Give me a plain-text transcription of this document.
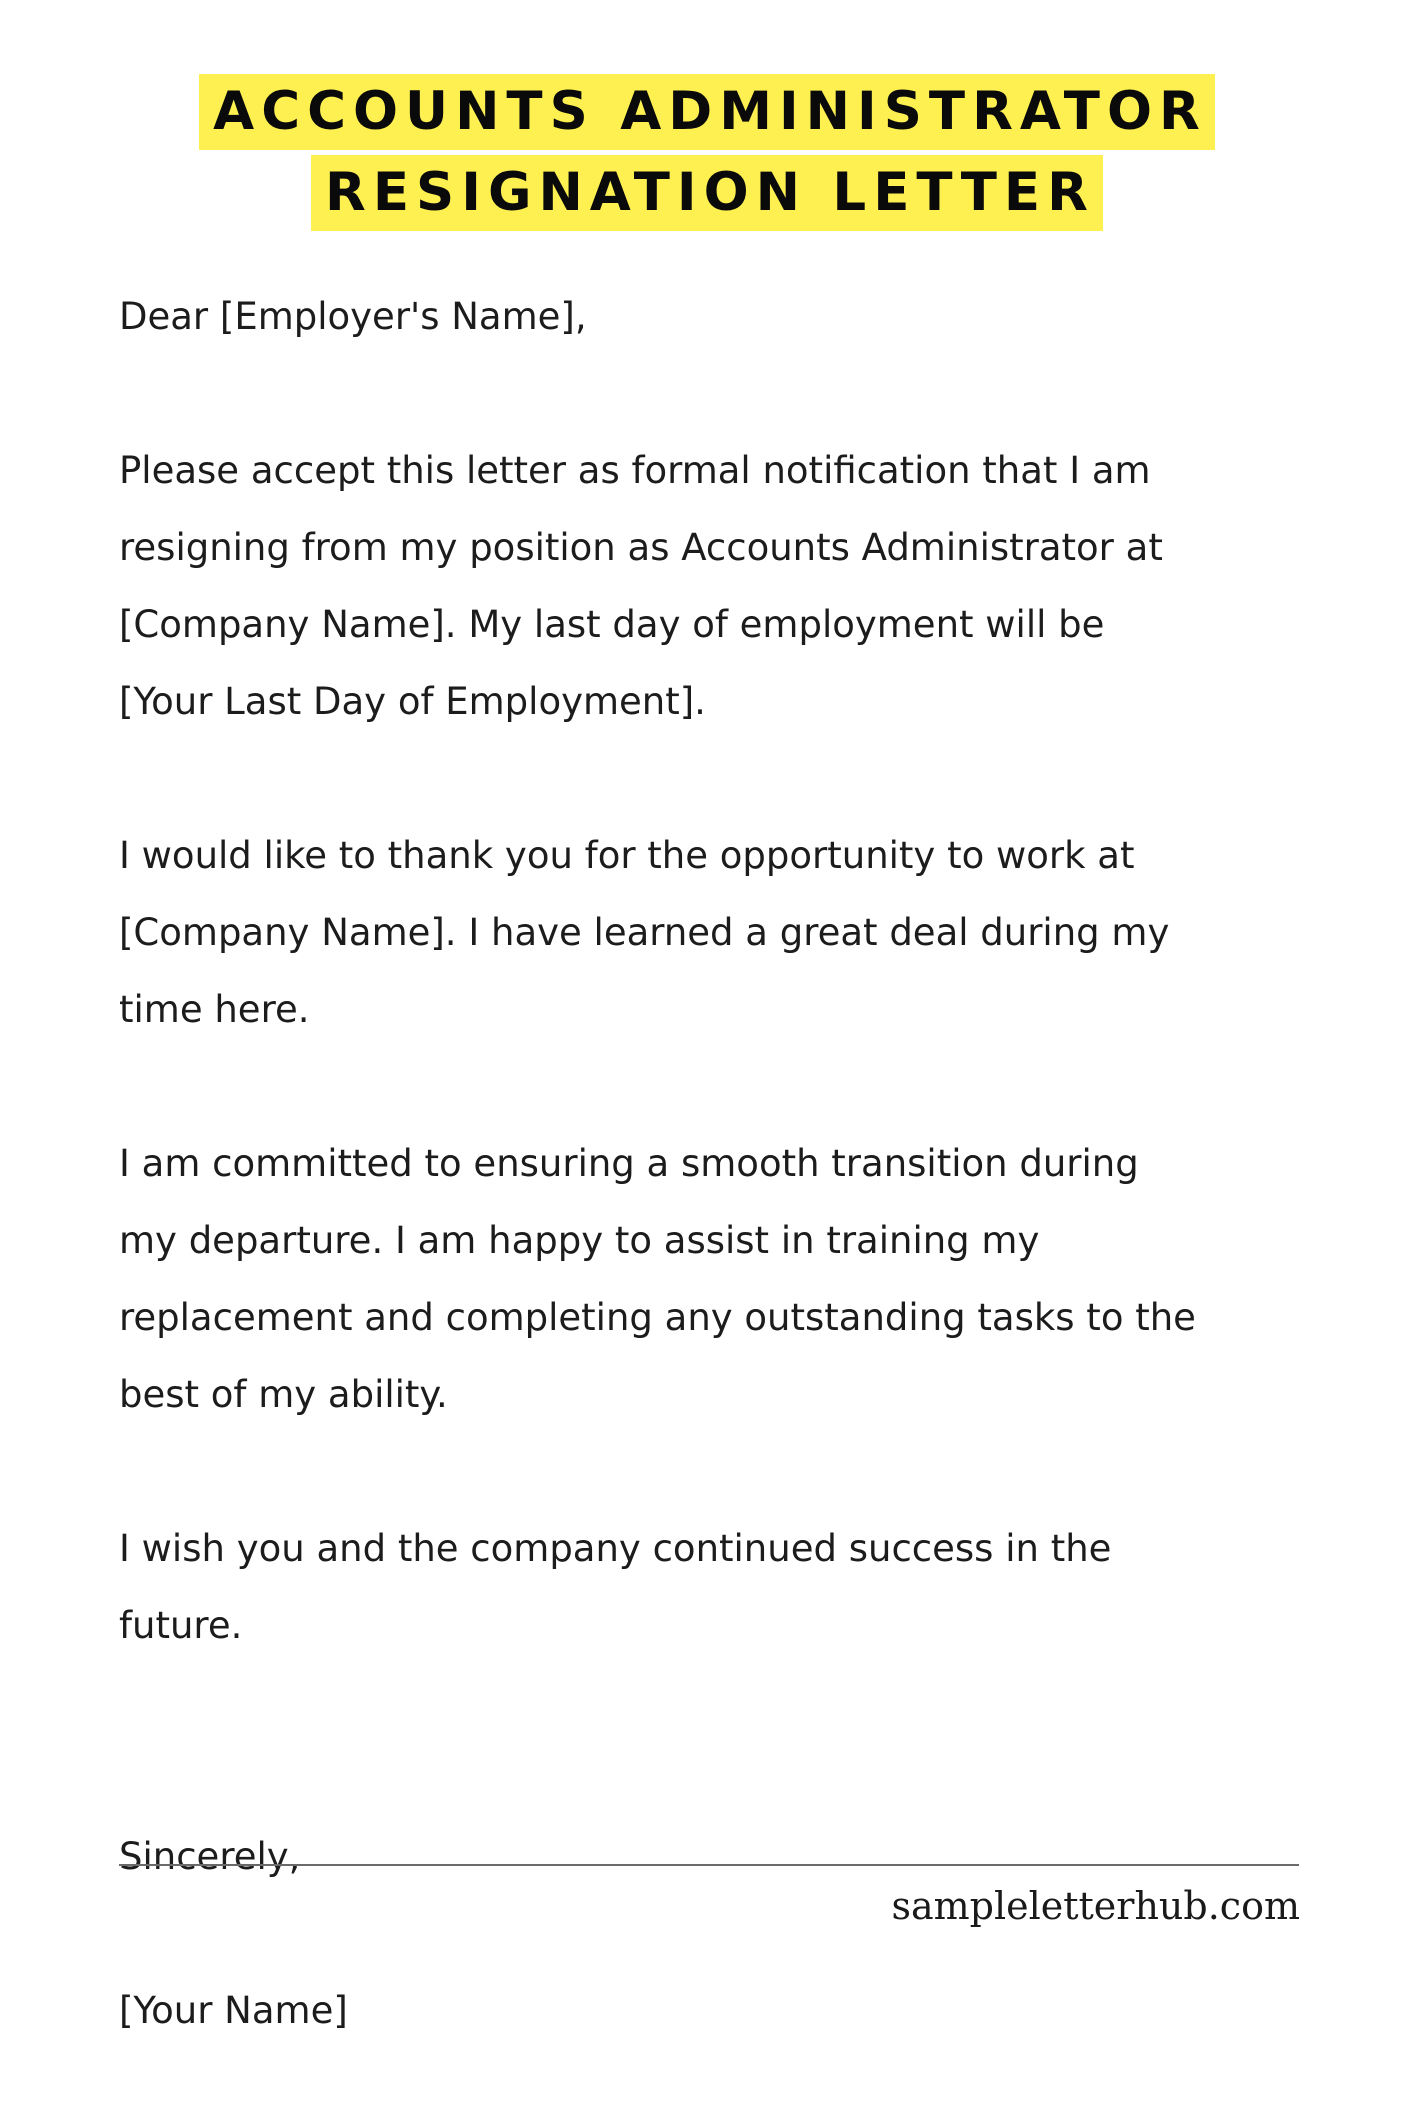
ACCOUNTS ADMINISTRATOR
RESIGNATION LETTER

Dear [Employer's Name],

Please accept this letter as formal notification that I am
resigning from my position as Accounts Administrator at
[Company Name]. My last day of employment will be
[Your Last Day of Employment].

I would like to thank you for the opportunity to work at
[Company Name]. I have learned a great deal during my
time here.

I am committed to ensuring a smooth transition during
my departure. I am happy to assist in training my
replacement and completing any outstanding tasks to the
best of my ability.

I wish you and the company continued success in the
future.

Sincerely,

[Your Name]

sampleletterhub.com
